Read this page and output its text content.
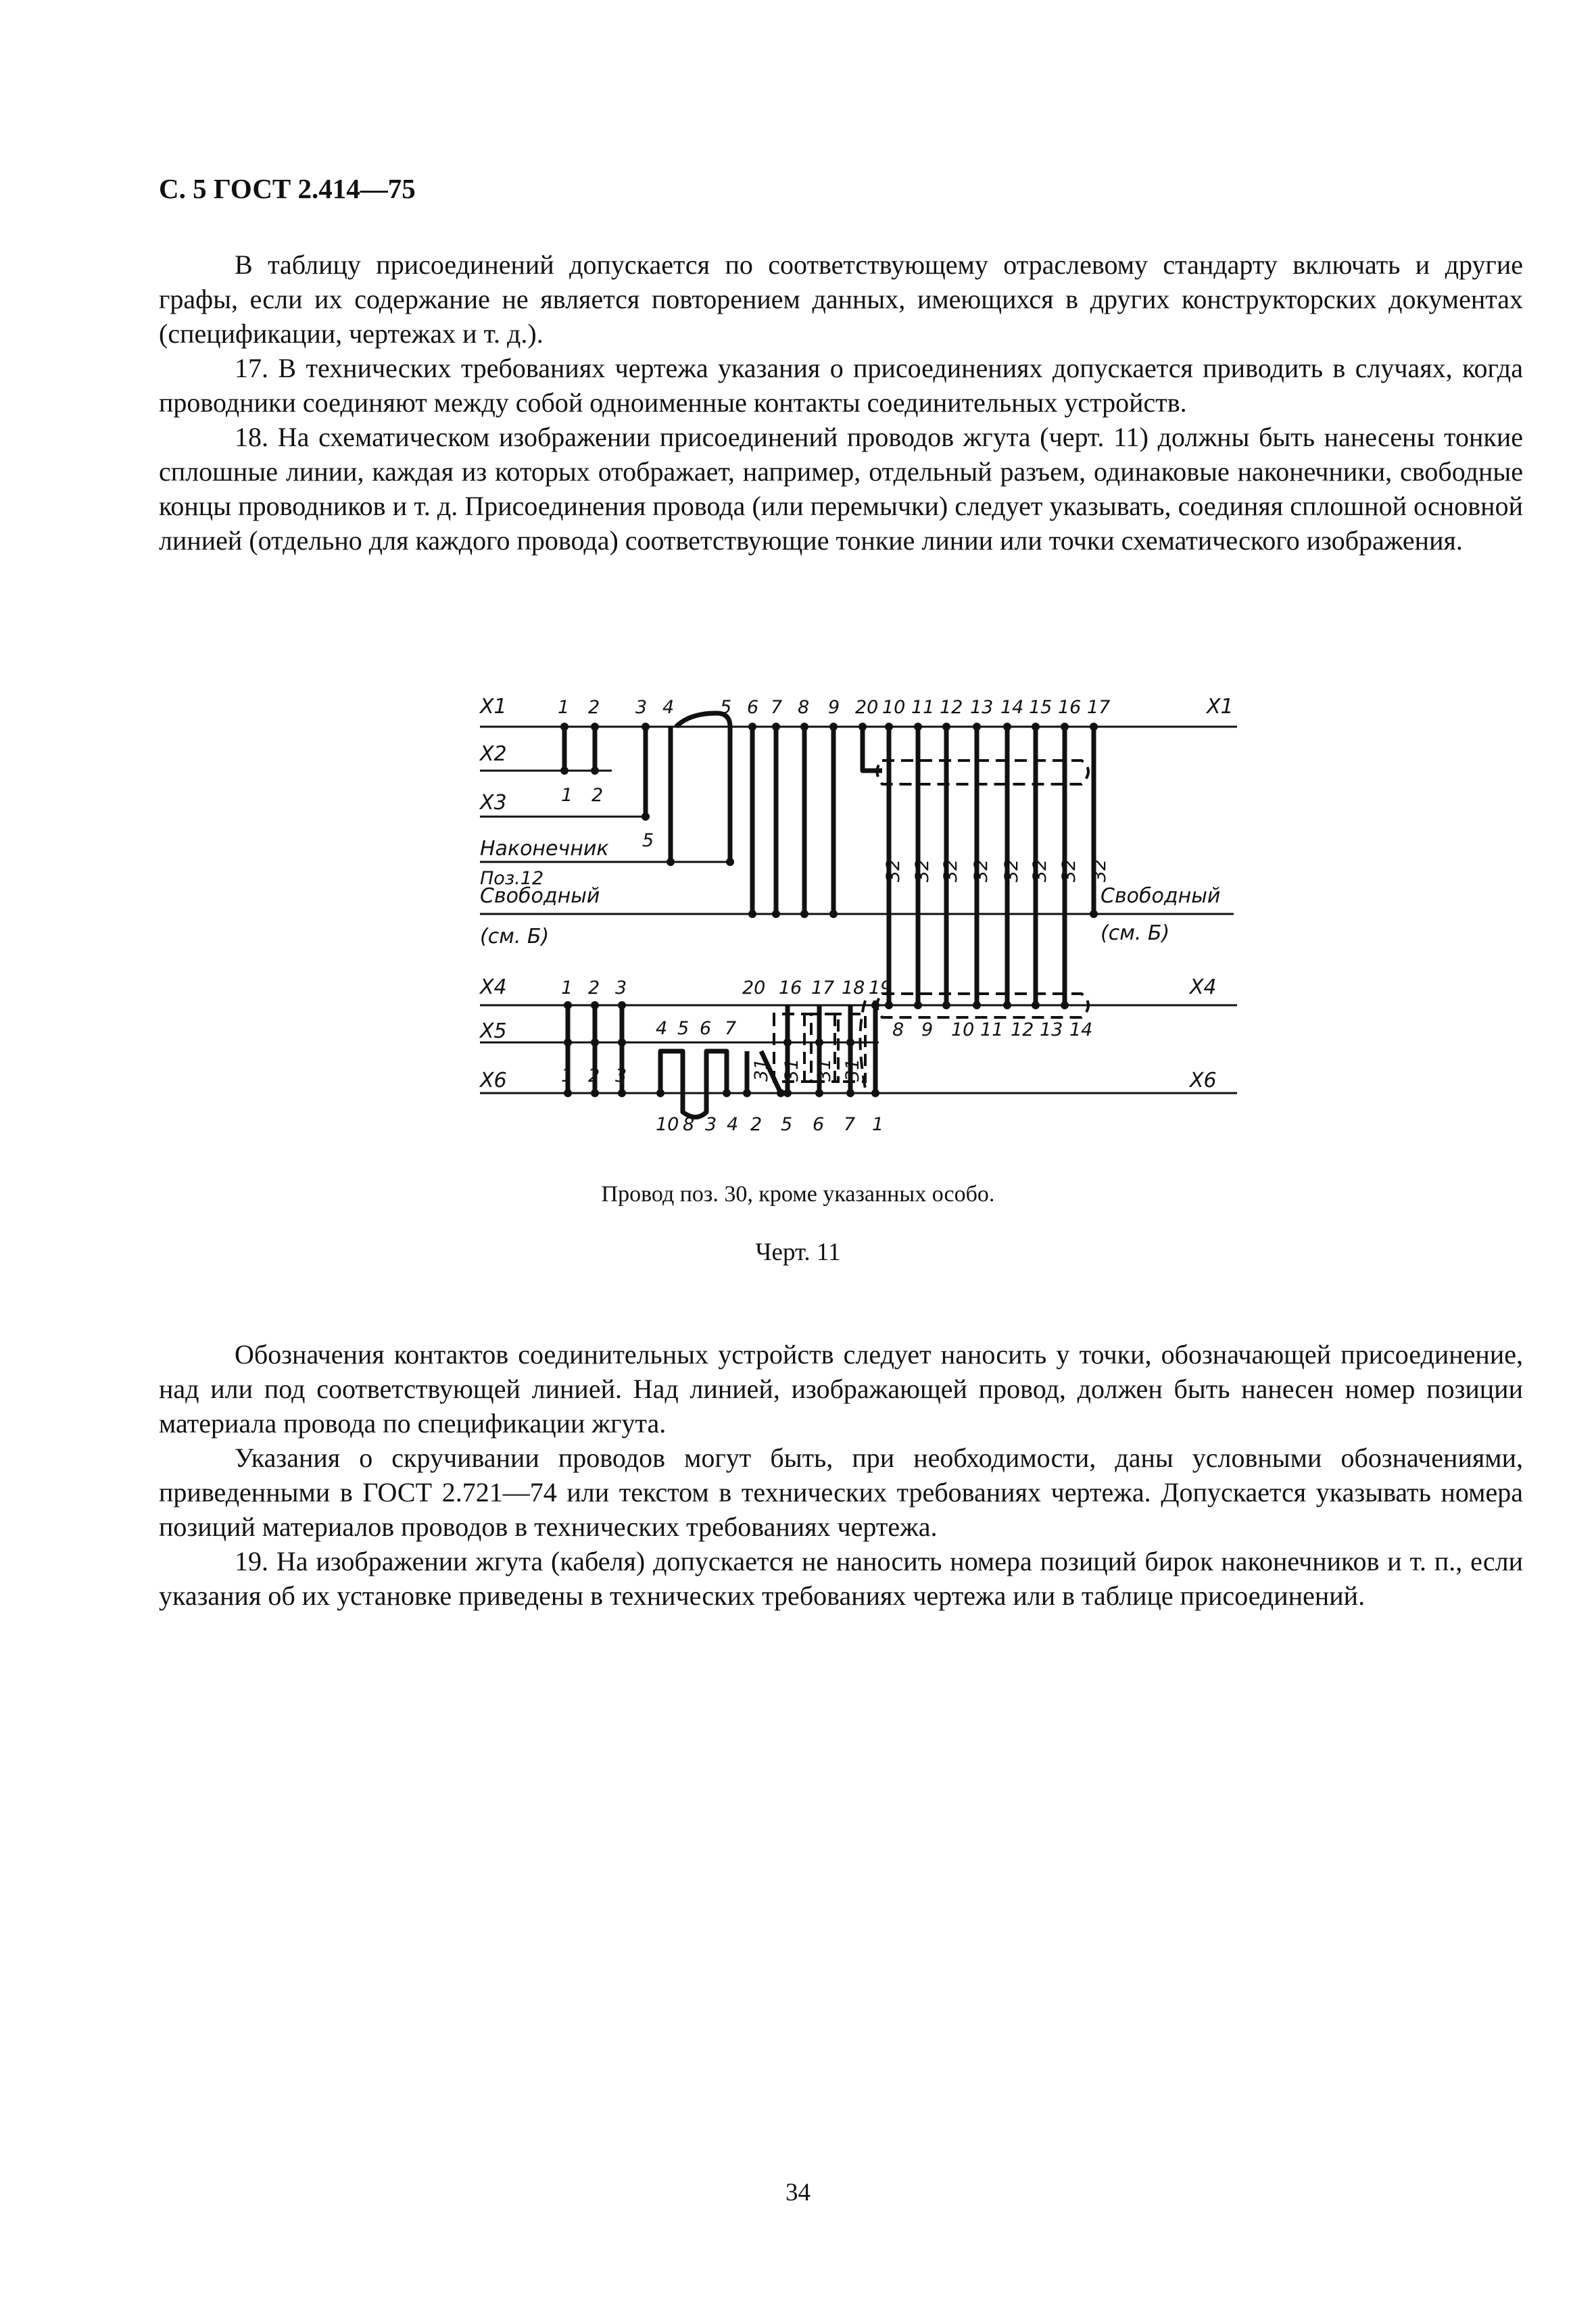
С. 5 ГОСТ 2.414—75

В таблицу присоединений допускается по соответствующему отраслевому стандарту включать и другие графы, если их содержание не является повторением данных, имеющихся в других конструкторских документах (спецификации, чертежах и т. д.).

17. В технических требованиях чертежа указания о присоединениях допускается приводить в случаях, когда проводники соединяют между собой одноименные контакты соединительных устройств.

18. На схематическом изображении присоединений проводов жгута (черт. 11) должны быть нанесены тонкие сплошные линии, каждая из которых отображает, например, отдельный разъем, одинаковые наконечники, свободные концы проводников и т. д. Присоединения провода (или перемычки) следует указывать, соединяя сплошной основной линией (отдельно для каждого провода) соответствующие тонкие линии или точки схематического изображения.

X1	X1
X2
X3
Наконечник
Поз.12
Свободный
(см. Б)
Свободный
(см. Б)
X4	X4
X5
X6	X6
5
1 2 3 4	5 6 7 8 9 20 10 11 12 13 14 15 16 17
1 2
32 32 32 32 32 32 32 32
1 2 3	20 16 17 18 19
8 9 10 11 12 13 14
4 5 6 7
1 2 3	31 31 31 31
10 8 3 4 2 5 6 7 1
Провод поз. 30, кроме указанных особо.
Черт. 11

Обозначения контактов соединительных устройств следует наносить у точки, обозначающей присоединение, над или под соответствующей линией. Над линией, изображающей провод, должен быть нанесен номер позиции материала провода по спецификации жгута.

Указания о скручивании проводов могут быть, при необходимости, даны условными обозначениями, приведенными в ГОСТ 2.721—74 или текстом в технических требованиях чертежа. Допускается указывать номера позиций материалов проводов в технических требованиях чертежа.

19. На изображении жгута (кабеля) допускается не наносить номера позиций бирок наконечников и т. п., если указания об их установке приведены в технических требованиях чертежа или в таблице присоединений.

34
